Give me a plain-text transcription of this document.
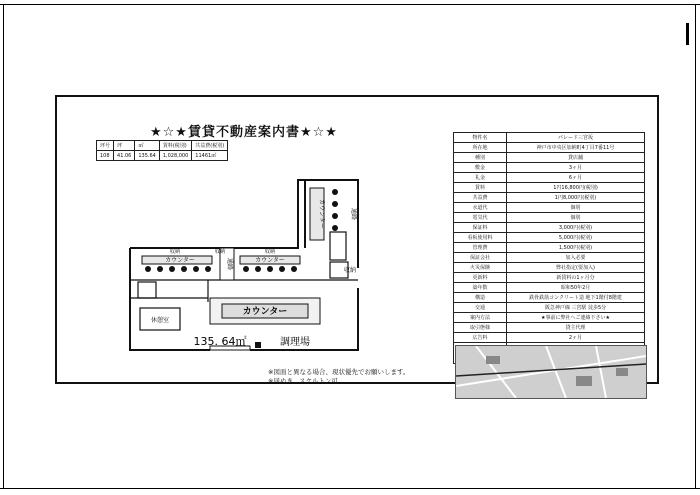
★☆★賃貸不動産案内書★☆★
坪号	坪	㎡	賃料(税別)	共益費(税別)
108	41.06	135.64	1,028,000	11461㎡
カウンター
カウンター	カウンター
カウンター
通路
通路
収納	収納
収納
収納
休憩室
135. 64㎡	調理場
※図面と異なる場合、現状優先でお願いします。
※居ぬき、スケルトン可。
物件名	パレード三宮坂
所在地	神戸市中央区加納町4丁目7番11号
種別	貸店舗
敷金	3ヶ月
礼金	6ヶ月
賃料	1円16,800円(税別)
共益費	1円8,000円(税別)
水道代	個別
電気代	個別
保証料	3,000円(税別)
看板使用料	5,000円(税別)
管理費	1,500円(税別)
保証会社	加入必要
火災保険	弊社指定(要加入)
更新料	新賃料の1ヶ月分
築年数	昭和50年2月
構造	鉄骨鉄筋コンクリート造 地下1階付8階建
交通	阪急神戸線 三宮駅 徒歩5分
案内方法	★事前に弊社へご連絡下さい★
取引態様	貸主代理
広告料	2ヶ月
